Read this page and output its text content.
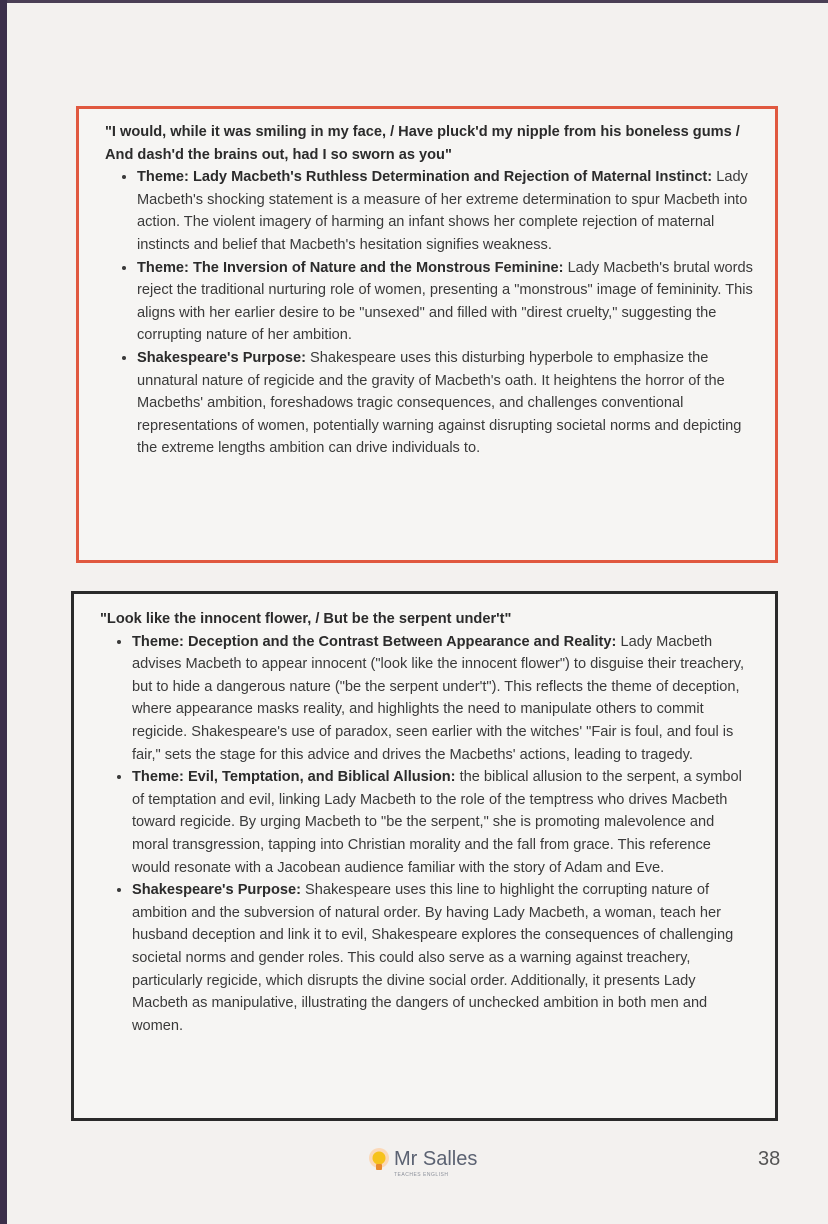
"I would, while it was smiling in my face, / Have pluck'd my nipple from his boneless gums / And dash'd the brains out, had I so sworn as you"

• Theme: Lady Macbeth's Ruthless Determination and Rejection of Maternal Instinct: Lady Macbeth's shocking statement is a measure of her extreme determination to spur Macbeth into action. The violent imagery of harming an infant shows her complete rejection of maternal instincts and belief that Macbeth's hesitation signifies weakness.
• Theme: The Inversion of Nature and the Monstrous Feminine: Lady Macbeth's brutal words reject the traditional nurturing role of women, presenting a "monstrous" image of femininity. This aligns with her earlier desire to be "unsexed" and filled with "direst cruelty," suggesting the corrupting nature of her ambition.
• Shakespeare's Purpose: Shakespeare uses this disturbing hyperbole to emphasize the unnatural nature of regicide and the gravity of Macbeth's oath. It heightens the horror of the Macbeths' ambition, foreshadows tragic consequences, and challenges conventional representations of women, potentially warning against disrupting societal norms and depicting the extreme lengths ambition can drive individuals to.

"Look like the innocent flower, / But be the serpent under't"

• Theme: Deception and the Contrast Between Appearance and Reality: Lady Macbeth advises Macbeth to appear innocent ("look like the innocent flower") to disguise their treachery, but to hide a dangerous nature ("be the serpent under't"). This reflects the theme of deception, where appearance masks reality, and highlights the need to manipulate others to commit regicide. Shakespeare's use of paradox, seen earlier with the witches' "Fair is foul, and foul is fair," sets the stage for this advice and drives the Macbeths' actions, leading to tragedy.
• Theme: Evil, Temptation, and Biblical Allusion: the biblical allusion to the serpent, a symbol of temptation and evil, linking Lady Macbeth to the role of the temptress who drives Macbeth toward regicide. By urging Macbeth to "be the serpent," she is promoting malevolence and moral transgression, tapping into Christian morality and the fall from grace. This reference would resonate with a Jacobean audience familiar with the story of Adam and Eve.
• Shakespeare's Purpose: Shakespeare uses this line to highlight the corrupting nature of ambition and the subversion of natural order. By having Lady Macbeth, a woman, teach her husband deception and link it to evil, Shakespeare explores the consequences of challenging societal norms and gender roles. This could also serve as a warning against treachery, particularly regicide, which disrupts the divine social order. Additionally, it presents Lady Macbeth as manipulative, illustrating the dangers of unchecked ambition in both men and women.
Mr Salles
TEACHES ENGLISH
38
